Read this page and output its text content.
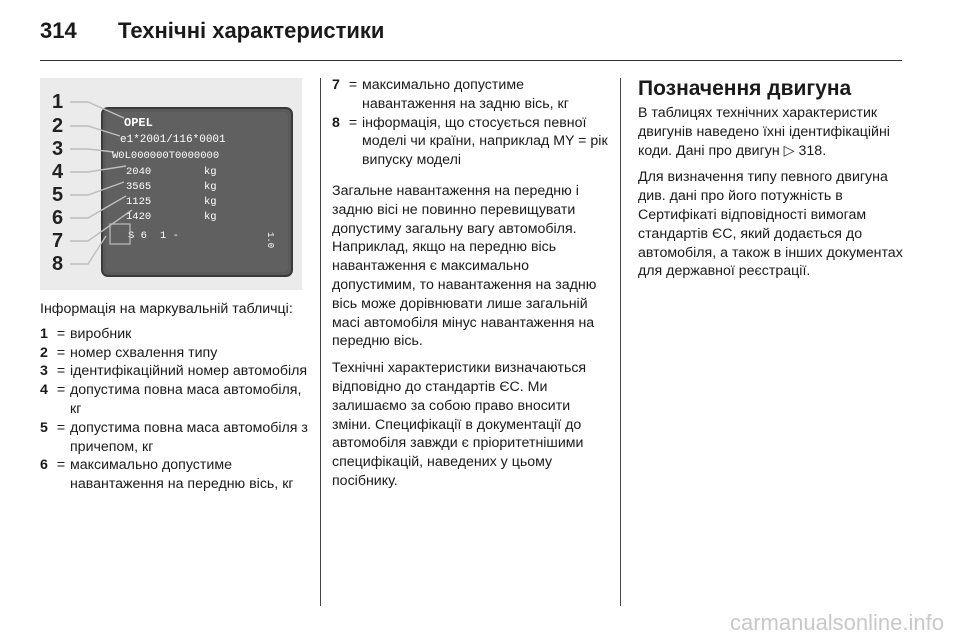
314	Технічні характеристики
1
2
3
4
5
6
7
8
OPEL
e1*2001/116*0001
W0L000000T0000000
2040
3565
1125
1420
kg
kg
kg
kg
S 6 1 -	1.0
Інформація на маркувальній табличці:
1 = виробник
2 = номер схвалення типу
3 = ідентифікаційний номер автомобіля
4 = допустима повна маса автомобіля, кг
5 = допустима повна маса автомобіля з причепом, кг
6 = максимально допустиме навантаження на передню вісь, кг
7 = максимально допустиме навантаження на задню вісь, кг
8 = інформація, що стосується певної моделі чи країни, наприклад MY = рік випуску моделі

Загальне навантаження на передню і задню вісі не повинно перевищувати допустиму загальну вагу автомобіля. Наприклад, якщо на передню вісь навантаження є максимально допустимим, то навантаження на задню вісь може дорівнювати лише загальній масі автомобіля мінус навантаження на передню вісь.

Технічні характеристики визначаються відповідно до стандартів ЄС. Ми залишаємо за собою право вносити зміни. Специфікації в документації до автомобіля завжди є пріоритетнішими специфікацій, наведених у цьому посібнику.

Позначення двигуна

В таблицях технічних характеристик двигунів наведено їхні ідентифікаційні коди. Дані про двигун ▷ 318.

Для визначення типу певного двигуна див. дані про його потужність в Сертифікаті відповідності вимогам стандартів ЄС, який додається до автомобіля, а також в інших документах для державної реєстрації.

carmanualsonline.info
